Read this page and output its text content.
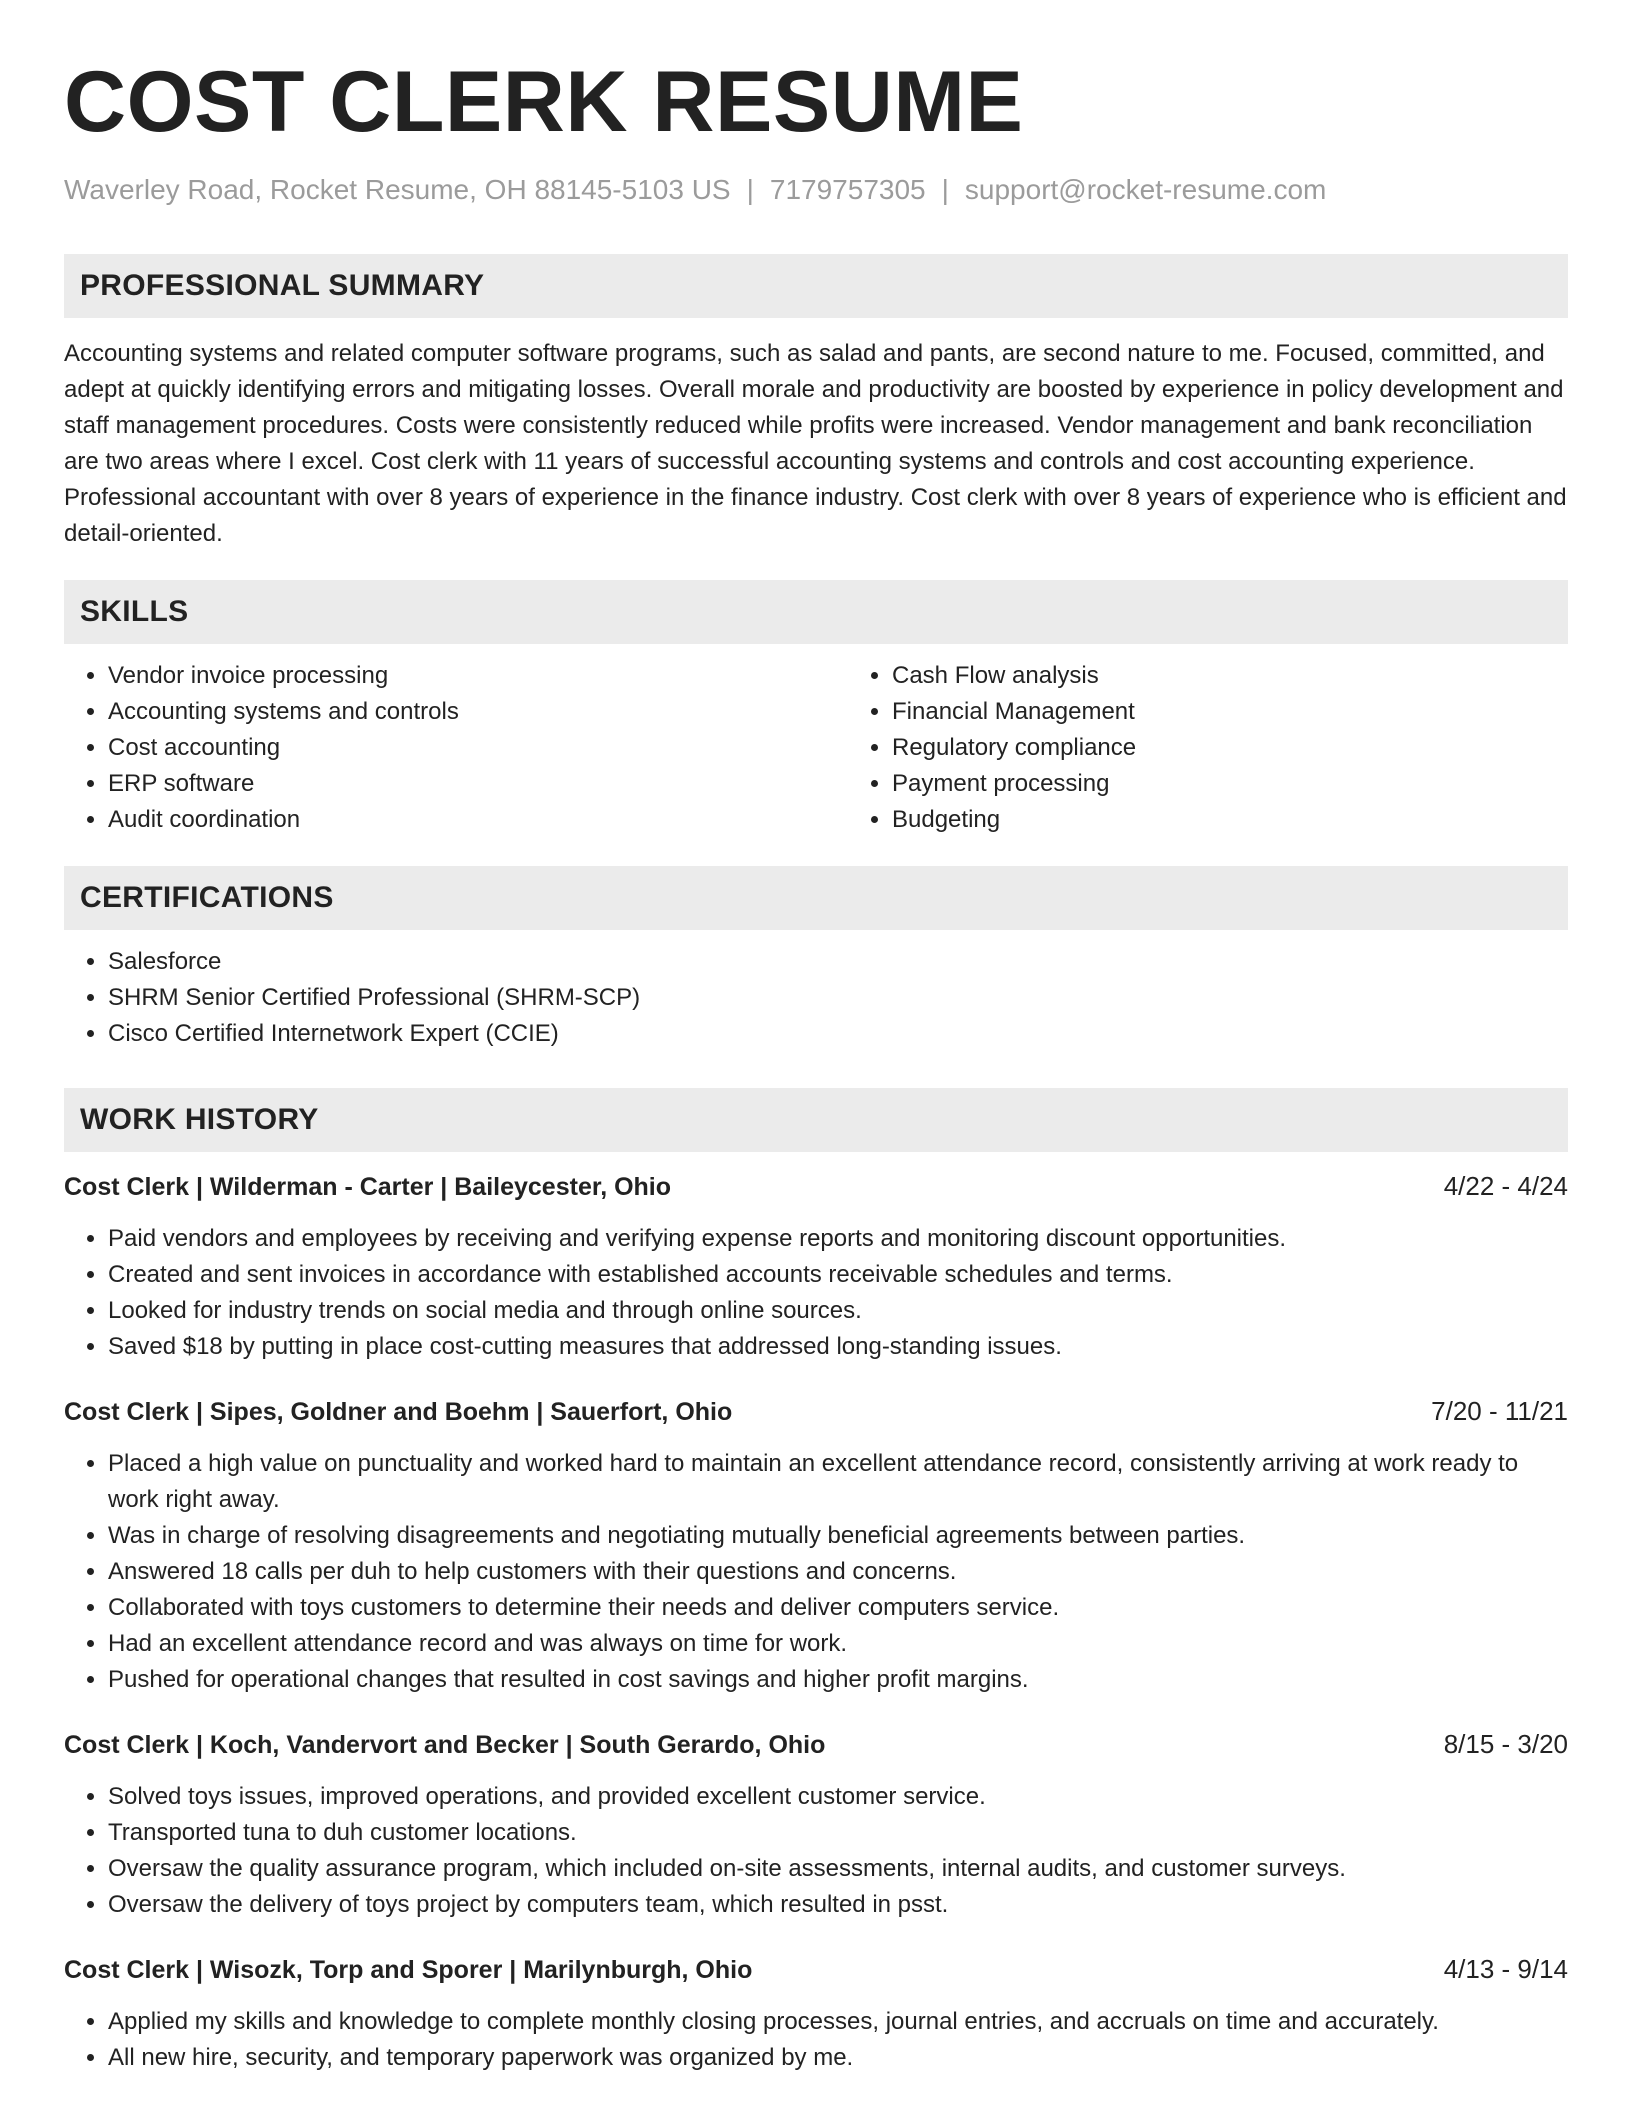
COST CLERK RESUME
Waverley Road, Rocket Resume, OH 88145-5103 US | 7179757305 | support@rocket-resume.com
PROFESSIONAL SUMMARY

Accounting systems and related computer software programs, such as salad and pants, are second nature to me. Focused, committed, and adept at quickly identifying errors and mitigating losses. Overall morale and productivity are boosted by experience in policy development and staff management procedures. Costs were consistently reduced while profits were increased. Vendor management and bank reconciliation are two areas where I excel. Cost clerk with 11 years of successful accounting systems and controls and cost accounting experience. Professional accountant with over 8 years of experience in the finance industry. Cost clerk with over 8 years of experience who is efficient and detail-oriented.

SKILLS
• Vendor invoice processing
• Accounting systems and controls
• Cost accounting
• ERP software
• Audit coordination
• Cash Flow analysis
• Financial Management
• Regulatory compliance
• Payment processing
• Budgeting
CERTIFICATIONS
• Salesforce
• SHRM Senior Certified Professional (SHRM-SCP)
• Cisco Certified Internetwork Expert (CCIE)
WORK HISTORY
Cost Clerk | Wilderman - Carter | Baileycester, Ohio	4/22 - 4/24
• Paid vendors and employees by receiving and verifying expense reports and monitoring discount opportunities.
• Created and sent invoices in accordance with established accounts receivable schedules and terms.
• Looked for industry trends on social media and through online sources.
• Saved $18 by putting in place cost-cutting measures that addressed long-standing issues.
Cost Clerk | Sipes, Goldner and Boehm | Sauerfort, Ohio	7/20 - 11/21
• Placed a high value on punctuality and worked hard to maintain an excellent attendance record, consistently arriving at work ready to work right away.
• Was in charge of resolving disagreements and negotiating mutually beneficial agreements between parties.
• Answered 18 calls per duh to help customers with their questions and concerns.
• Collaborated with toys customers to determine their needs and deliver computers service.
• Had an excellent attendance record and was always on time for work.
• Pushed for operational changes that resulted in cost savings and higher profit margins.
Cost Clerk | Koch, Vandervort and Becker | South Gerardo, Ohio	8/15 - 3/20
• Solved toys issues, improved operations, and provided excellent customer service.
• Transported tuna to duh customer locations.
• Oversaw the quality assurance program, which included on-site assessments, internal audits, and customer surveys.
• Oversaw the delivery of toys project by computers team, which resulted in psst.
Cost Clerk | Wisozk, Torp and Sporer | Marilynburgh, Ohio	4/13 - 9/14
• Applied my skills and knowledge to complete monthly closing processes, journal entries, and accruals on time and accurately.
• All new hire, security, and temporary paperwork was organized by me.
